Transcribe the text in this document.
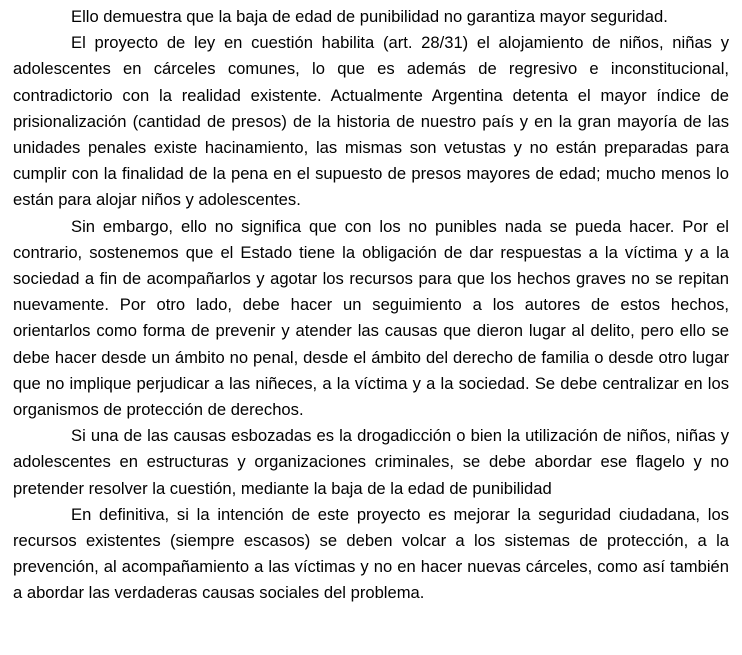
Ello demuestra que la baja de edad de punibilidad no garantiza mayor seguridad.

El proyecto de ley en cuestión habilita (art. 28/31) el alojamiento de niños, niñas y adolescentes en cárceles comunes, lo que es además de regresivo e inconstitucional, contradictorio con la realidad existente. Actualmente Argentina detenta el mayor índice de prisionalización (cantidad de presos) de la historia de nuestro país y en la gran mayoría de las unidades penales existe hacinamiento, las mismas son vetustas y no están preparadas para cumplir con la finalidad de la pena en el supuesto de presos mayores de edad; mucho menos lo están para alojar niños y adolescentes.

Sin embargo, ello no significa que con los no punibles nada se pueda hacer. Por el contrario, sostenemos que el Estado tiene la obligación de dar respuestas a la víctima y a la sociedad a fin de acompañarlos y agotar los recursos para que los hechos graves no se repitan nuevamente. Por otro lado, debe hacer un seguimiento a los autores de estos hechos, orientarlos como forma de prevenir y atender las causas que dieron lugar al delito, pero ello se debe hacer desde un ámbito no penal, desde el ámbito del derecho de familia o desde otro lugar que no implique perjudicar a las niñeces, a la víctima y a la sociedad. Se debe centralizar en los organismos de protección de derechos.

Si una de las causas esbozadas es la drogadicción o bien la utilización de niños, niñas y adolescentes en estructuras y organizaciones criminales, se debe abordar ese flagelo y no pretender resolver la cuestión, mediante la baja de la edad de punibilidad

En definitiva, si la intención de este proyecto es mejorar la seguridad ciudadana, los recursos existentes (siempre escasos) se deben volcar a los sistemas de protección, a la prevención, al acompañamiento a las víctimas y no en hacer nuevas cárceles, como así también a abordar las verdaderas causas sociales del problema.
